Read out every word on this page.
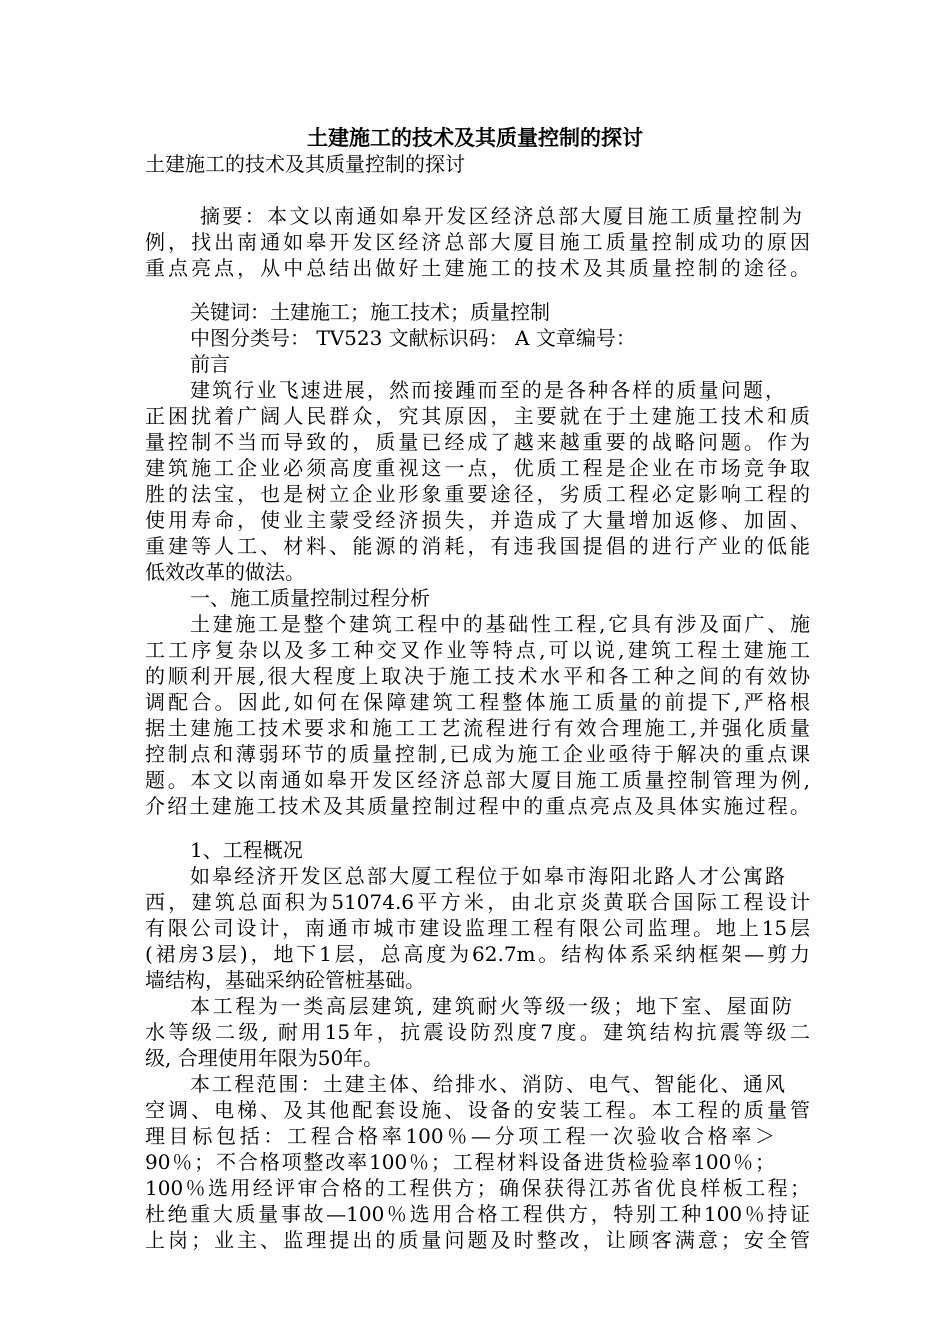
土建施工的技术及其质量控制的探讨
土建施工的技术及其质量控制的探讨
摘要：本文以南通如皋开发区经济总部大厦目施工质量控制为
例，找出南通如皋开发区经济总部大厦目施工质量控制成功的原因
重点亮点，从中总结出做好土建施工的技术及其质量控制的途径。
关键词：土建施工；施工技术；质量控制
中图分类号： TV523 文献标识码： A 文章编号：
前言
建筑行业飞速进展，然而接踵而至的是各种各样的质量问题，
正困扰着广阔人民群众，究其原因，主要就在于土建施工技术和质
量控制不当而导致的，质量已经成了越来越重要的战略问题。作为
建筑施工企业必须高度重视这一点，优质工程是企业在市场竞争取
胜的法宝，也是树立企业形象重要途径，劣质工程必定影响工程的
使用寿命，使业主蒙受经济损失，并造成了大量增加返修、加固、
重建等人工、材料、能源的消耗，有违我国提倡的进行产业的低能
低效改革的做法。
一、施工质量控制过程分析
土建施工是整个建筑工程中的基础性工程,它具有涉及面广、施
工工序复杂以及多工种交叉作业等特点,可以说,建筑工程土建施工
的顺利开展,很大程度上取决于施工技术水平和各工种之间的有效协
调配合。因此,如何在保障建筑工程整体施工质量的前提下,严格根
据土建施工技术要求和施工工艺流程进行有效合理施工,并强化质量
控制点和薄弱环节的质量控制,已成为施工企业亟待于解决的重点课
题。本文以南通如皋开发区经济总部大厦目施工质量控制管理为例,
介绍土建施工技术及其质量控制过程中的重点亮点及具体实施过程。
1、工程概况
如皋经济开发区总部大厦工程位于如皋市海阳北路人才公寓路
西，建筑总面积为51074.6平方米，由北京炎黄联合国际工程设计
有限公司设计，南通市城市建设监理工程有限公司监理。地上15层
(裙房3层)，地下1层，总高度为62.7m。结构体系采纳框架—剪力
墙结构，基础采纳砼管桩基础。
本工程为一类高层建筑, 建筑耐火等级一级；地下室、屋面防
水等级二级, 耐用15年，抗震设防烈度7度。建筑结构抗震等级二
级, 合理使用年限为50年。
本工程范围：土建主体、给排水、消防、电气、智能化、通风
空调、电梯、及其他配套设施、设备的安装工程。本工程的质量管
理目标包括：工程合格率100％—分项工程一次验收合格率＞
90％；不合格项整改率100％；工程材料设备进货检验率100％；
100％选用经评审合格的工程供方；确保获得江苏省优良样板工程；
杜绝重大质量事故—100％选用合格工程供方，特别工种100％持证
上岗；业主、监理提出的质量问题及时整改，让顾客满意；安全管
